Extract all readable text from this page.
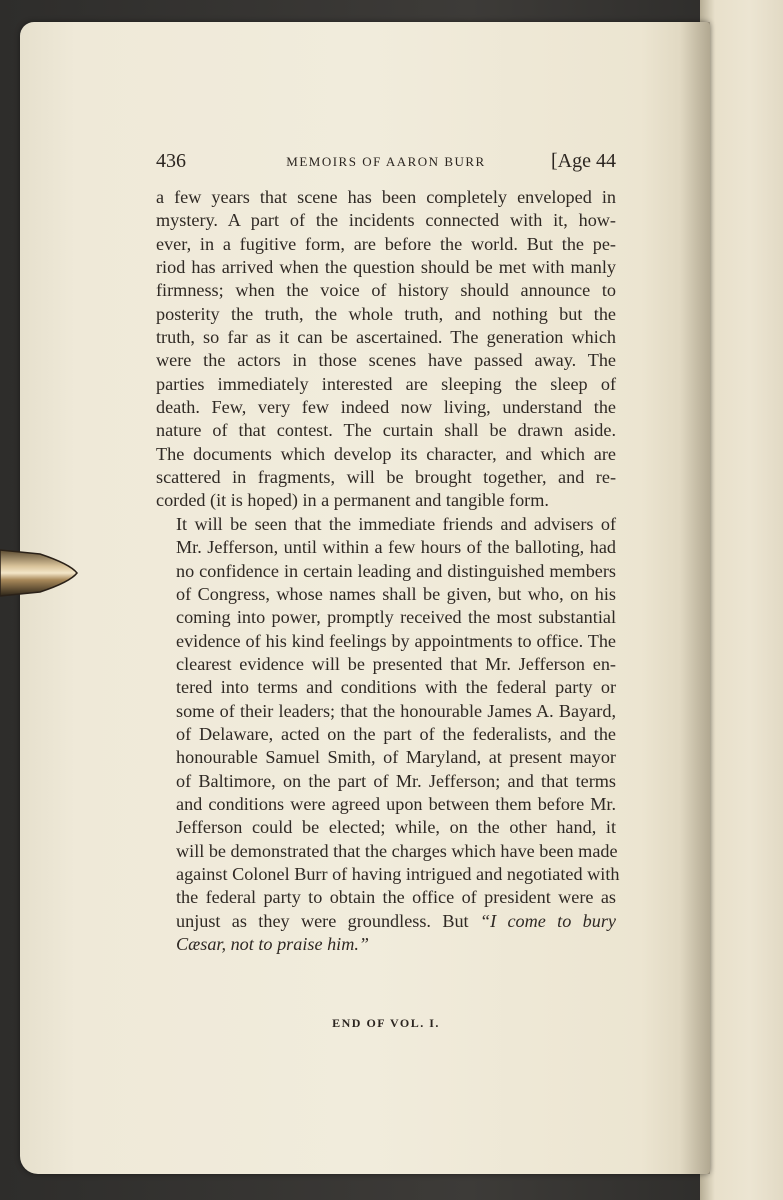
436	MEMOIRS OF AARON BURR	[Age 44

a few years that scene has been completely enveloped in
mystery. A part of the incidents connected with it, how-
ever, in a fugitive form, are before the world. But the pe-
riod has arrived when the question should be met with manly
firmness; when the voice of history should announce to
posterity the truth, the whole truth, and nothing but the
truth, so far as it can be ascertained. The generation which
were the actors in those scenes have passed away. The
parties immediately interested are sleeping the sleep of
death. Few, very few indeed now living, understand the
nature of that contest. The curtain shall be drawn aside.
The documents which develop its character, and which are
scattered in fragments, will be brought together, and re-
corded (it is hoped) in a permanent and tangible form.

It will be seen that the immediate friends and advisers of
Mr. Jefferson, until within a few hours of the balloting, had
no confidence in certain leading and distinguished members
of Congress, whose names shall be given, but who, on his
coming into power, promptly received the most substantial
evidence of his kind feelings by appointments to office. The
clearest evidence will be presented that Mr. Jefferson en-
tered into terms and conditions with the federal party or
some of their leaders; that the honourable James A. Bayard,
of Delaware, acted on the part of the federalists, and the
honourable Samuel Smith, of Maryland, at present mayor
of Baltimore, on the part of Mr. Jefferson; and that terms
and conditions were agreed upon between them before Mr.
Jefferson could be elected; while, on the other hand, it
will be demonstrated that the charges which have been made
against Colonel Burr of having intrigued and negotiated with
the federal party to obtain the office of president were as
unjust as they were groundless. But “I come to bury
Cæsar, not to praise him.”

END OF VOL. I.
